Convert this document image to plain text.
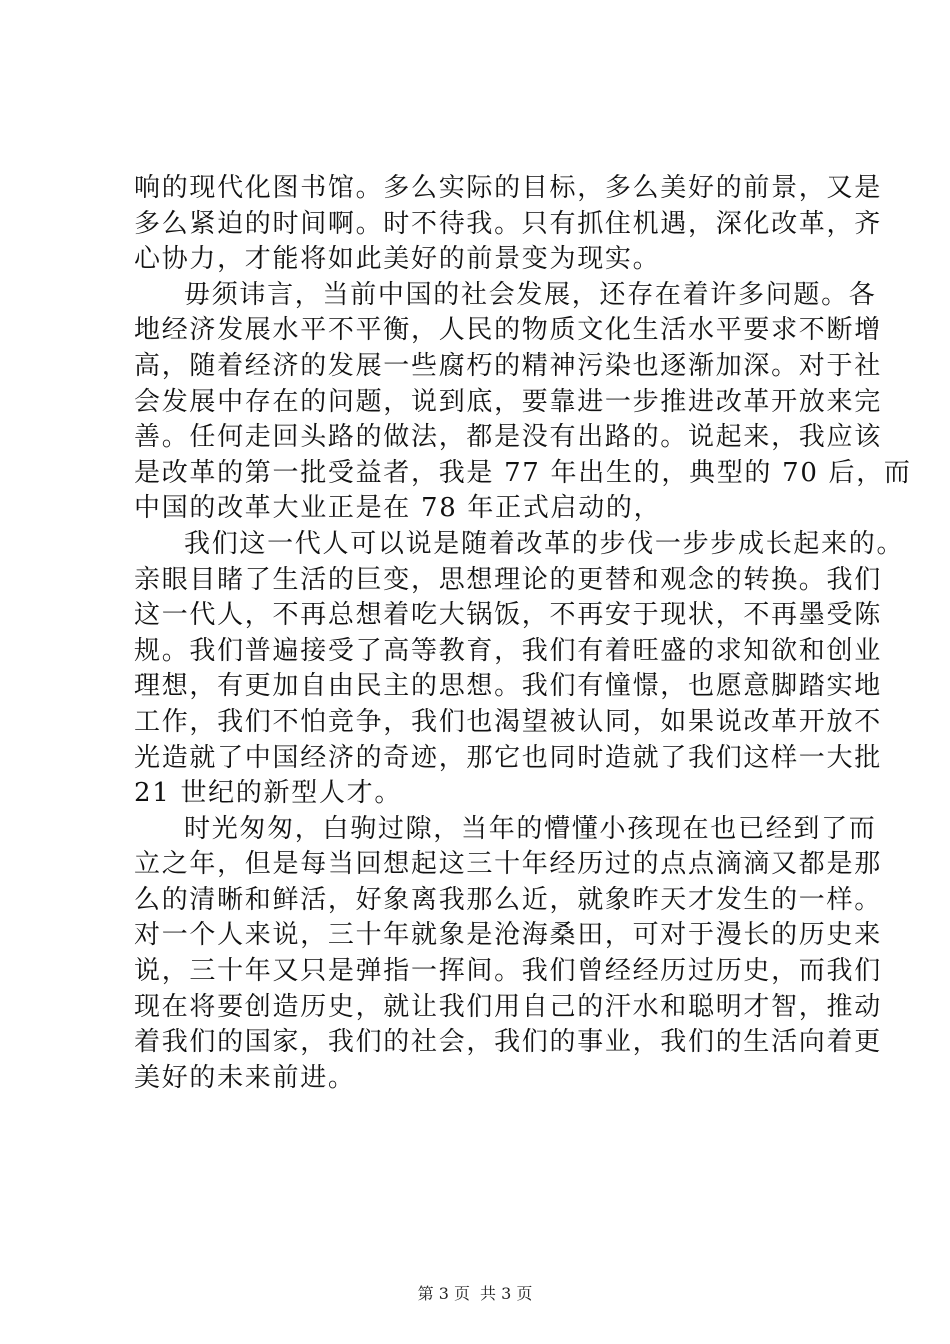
响的现代化图书馆。多么实际的目标，多么美好的前景，又是
多么紧迫的时间啊。时不待我。只有抓住机遇，深化改革，齐
心协力，才能将如此美好的前景变为现实。
毋须讳言，当前中国的社会发展，还存在着许多问题。各
地经济发展水平不平衡，人民的物质文化生活水平要求不断增
高，随着经济的发展一些腐朽的精神污染也逐渐加深。对于社
会发展中存在的问题，说到底，要靠进一步推进改革开放来完
善。任何走回头路的做法，都是没有出路的。说起来，我应该
是改革的第一批受益者，我是 77 年出生的，典型的 70 后，而
中国的改革大业正是在 78 年正式启动的，
我们这一代人可以说是随着改革的步伐一步步成长起来的。
亲眼目睹了生活的巨变，思想理论的更替和观念的转换。我们
这一代人，不再总想着吃大锅饭，不再安于现状，不再墨受陈
规。我们普遍接受了高等教育，我们有着旺盛的求知欲和创业
理想，有更加自由民主的思想。我们有憧憬，也愿意脚踏实地
工作，我们不怕竞争，我们也渴望被认同，如果说改革开放不
光造就了中国经济的奇迹，那它也同时造就了我们这样一大批
21 世纪的新型人才。
时光匆匆，白驹过隙，当年的懵懂小孩现在也已经到了而
立之年，但是每当回想起这三十年经历过的点点滴滴又都是那
么的清晰和鲜活，好象离我那么近，就象昨天才发生的一样。
对一个人来说，三十年就象是沧海桑田，可对于漫长的历史来
说，三十年又只是弹指一挥间。我们曾经经历过历史，而我们
现在将要创造历史，就让我们用自己的汗水和聪明才智，推动
着我们的国家，我们的社会，我们的事业，我们的生活向着更
美好的未来前进。
第 3 页 共 3 页
